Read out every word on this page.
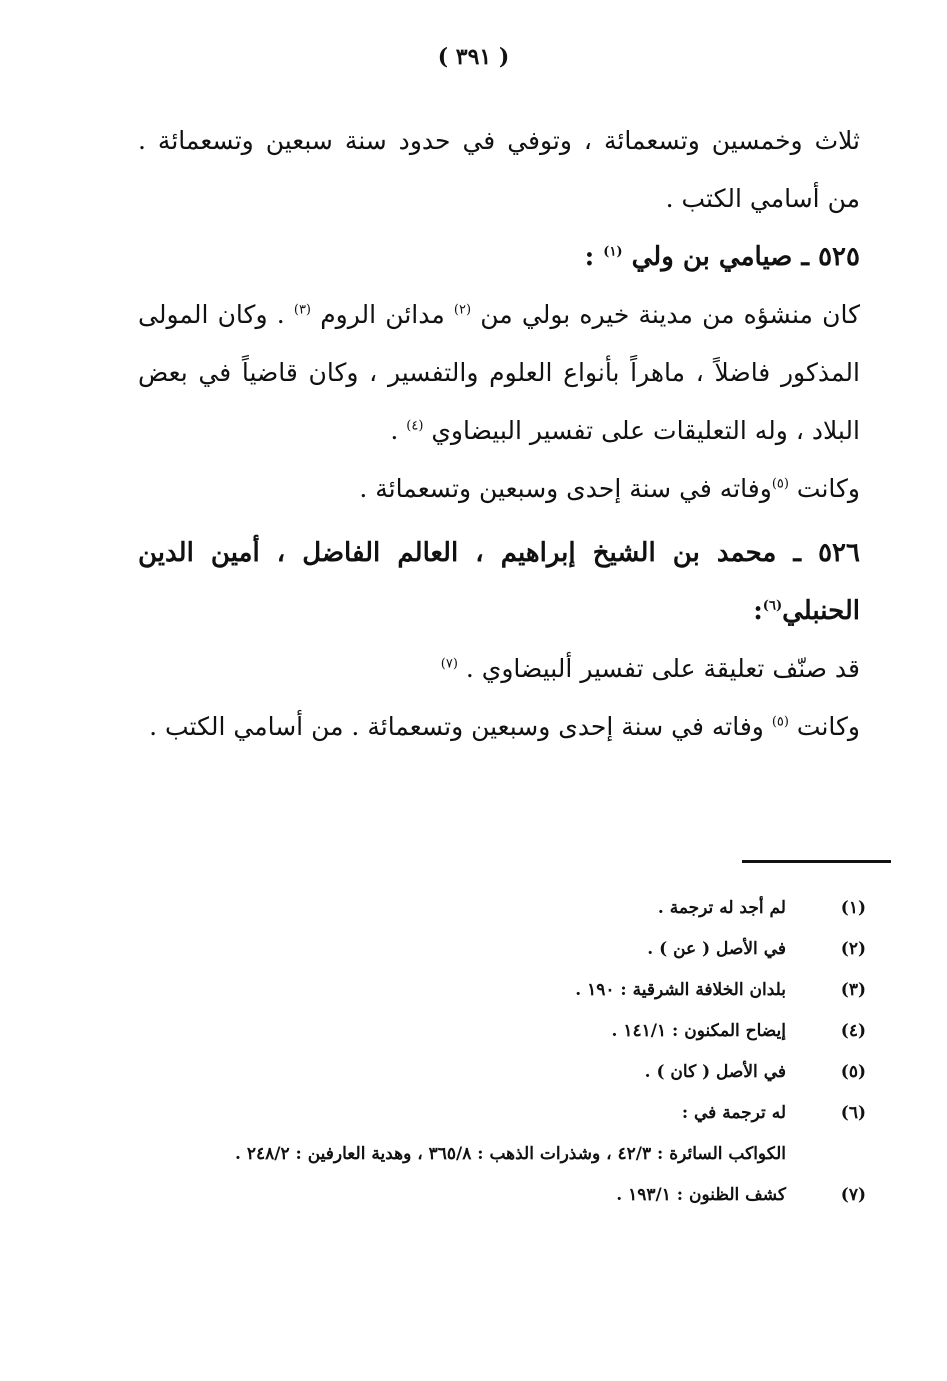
( ٣٩١ )

ثلاث وخمسين وتسعمائة ، وتوفي في حدود سنة سبعين وتسعمائة . من أسامي الكتب .

٥٢٥ ـ صيامي بن ولي $^{(١)}$ :

كان منشؤه من مدينة خيره بولي من $^{(٢)}$ مدائن الروم $^{(٣)}$ . وكان المولى المذكور فاضلاً ، ماهراً بأنواع العلوم والتفسير ، وكان قاضياً في بعض البلاد ، وله التعليقات على تفسير البيضاوي $^{(٤)}$ .

وكانت $^{(٥)}$وفاته في سنة إحدى وسبعين وتسعمائة .

٥٢٦ ـ محمد بن الشيخ إبراهيم ، العالم الفاضل ، أمين الدين الحنبلي$^{(٦)}$:

قد صنّف تعليقة على تفسير ألبيضاوي . $^{(٧)}$

وكانت $^{(٥)}$ وفاته في سنة إحدى وسبعين وتسعمائة . من أسامي الكتب .

(١)
لم أجد له ترجمة .
(٢)
في الأصل ( عن ) .
(٣)
بلدان الخلافة الشرقية : ١٩٠ .
(٤)
إيضاح المكنون : ١٤١/١ .
(٥)
في الأصل ( كان ) .
(٦)
له ترجمة في :
الكواكب السائرة : ٤٢/٣ ، وشذرات الذهب : ٣٦٥/٨ ، وهدية العارفين : ٢٤٨/٢ .
(٧)
كشف الظنون : ١٩٣/١ .
